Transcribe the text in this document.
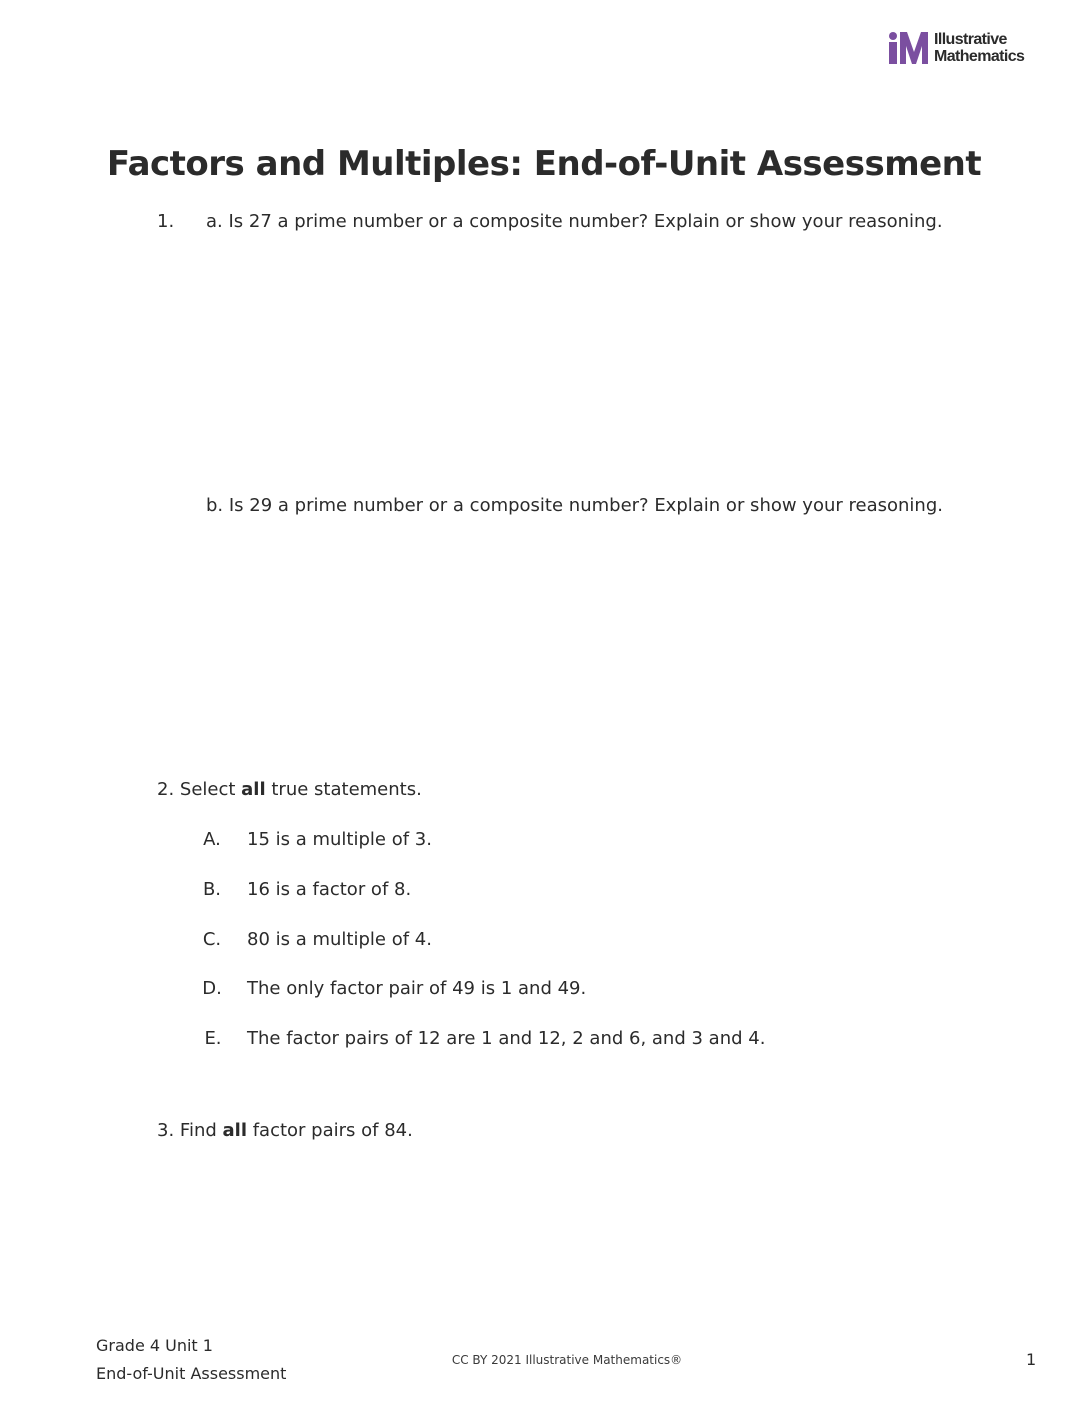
Illustrative
Mathematics
Factors and Multiples: End-of-Unit Assessment
1. a. Is 27 a prime number or a composite number? Explain or show your reasoning.
b. Is 29 a prime number or a composite number? Explain or show your reasoning.
2. Select all true statements.
A. 15 is a multiple of 3.
B. 16 is a factor of 8.
C. 80 is a multiple of 4.
D. The only factor pair of 49 is 1 and 49.
E. The factor pairs of 12 are 1 and 12, 2 and 6, and 3 and 4.
3. Find all factor pairs of 84.
Grade 4 Unit 1
End-of-Unit Assessment
CC BY 2021 Illustrative Mathematics®	1
